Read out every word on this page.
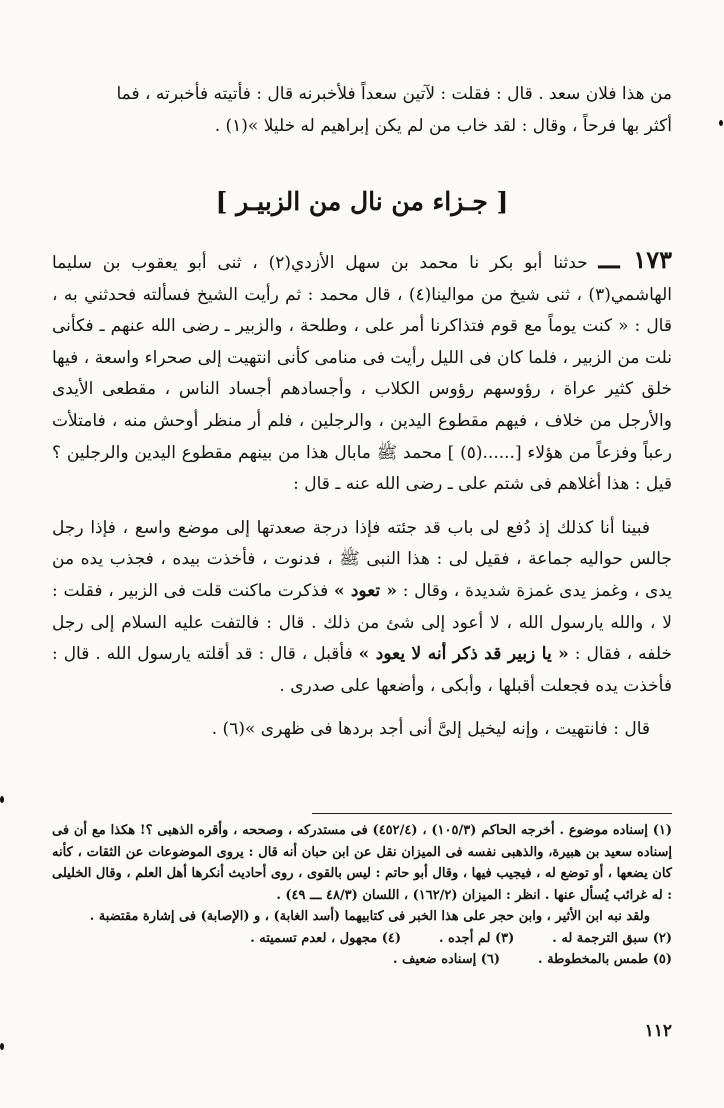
من هذا فلان سعد . قال : فقلت : لآتين سعداً فلأخبرنه قال : فأتيته فأخبرته ، فما
أكثر بها فرحاً ، وقال : لقد خاب من لم يكن إبراهيم له خليلا »(١) .

[ جـزاء من نال من الزبيـر ]

١٧٣ ـــ حدثنا أبو بكر نا محمد بن سهل الأزدي(٢) ، ثنى أبو يعقوب بن سليما الهاشمي(٣) ، ثنى شيخ من موالينا(٤) ، قال محمد : ثم رأيت الشيخ فسألته فحدثني به ، قال : « كنت يوماً مع قوم فتذاكرنا أمر على ، وطلحة ، والزبير ـ رضى الله عنهم ـ فكأنى نلت من الزبير ، فلما كان فى الليل رأيت فى منامى كأنى انتهيت إلى صحراء واسعة ، فيها خلق كثير عراة ، رؤوسهم رؤوس الكلاب ، وأجسادهم أجساد الناس ، مقطعى الأيدى والأرجل من خلاف ، فيهم مقطوع اليدين ، والرجلين ، فلم أر منظر أوحش منه ، فامتلأت رعباً وفزعاً من هؤلاء [......(٥) ] محمد ﷺ مابال هذا من بينهم مقطوع اليدين والرجلين ؟ قيل : هذا أغلاهم فى شتم على ـ رضى الله عنه ـ قال :

فبينا أنا كذلك إذ دُفع لى باب قد جئته فإذا درجة صعدتها إلى موضع واسع ، فإذا رجل جالس حواليه جماعة ، فقيل لى : هذا النبى ﷺ ، فدنوت ، فأخذت بيده ، فجذب يده من يدى ، وغمز يدى غمزة شديدة ، وقال : « تعود » فذكرت ماكنت قلت فى الزبير ، فقلت : لا ، والله يارسول الله ، لا أعود إلى شئ من ذلك . قال : فالتفت عليه السلام إلى رجل خلفه ، فقال : « يا زبير قد ذكر أنه لا يعود » فأقبل ، قال : قد أقلته يارسول الله . قال : فأخذت يده فجعلت أقبلها ، وأبكى ، وأضعها على صدرى .

قال : فانتهيت ، وإنه ليخيل إلىَّ أنى أجد بردها فى ظهرى »(٦) .

(١) إسناده موضوع . أخرجه الحاكم (١٠٥/٣) ، (٤٥٢/٤) فى مستدركه ، وصححه ، وأقره الذهبى ؟! هكذا مع أن فى إسناده سعيد بن هبيرة، والذهبى نفسه فى الميزان نقل عن ابن حبان أنه قال : يروى الموضوعات عن الثقات ، كأنه كان يضعها ، أو توضع له ، فيجيب فيها ، وقال أبو حاتم : ليس بالقوى ، روى أحاديث أنكرها أهل العلم ، وقال الخليلى : له غرائب يُسأل عنها . انظر : الميزان (١٦٢/٢) ، اللسان (٤٨/٣ ـــ ٤٩) .

ولقد نبه ابن الأثير ، وابن حجر على هذا الخبر فى كتابيهما (أسد الغابة) ، و (الإصابة) فى إشارة مقتضبة .

(٢) سبق الترجمة له .
(٣) لم أجده .
(٤) مجهول ، لعدم تسميته .
(٥) طمس بالمخطوطة .
(٦) إسناده ضعيف .
١١٢
